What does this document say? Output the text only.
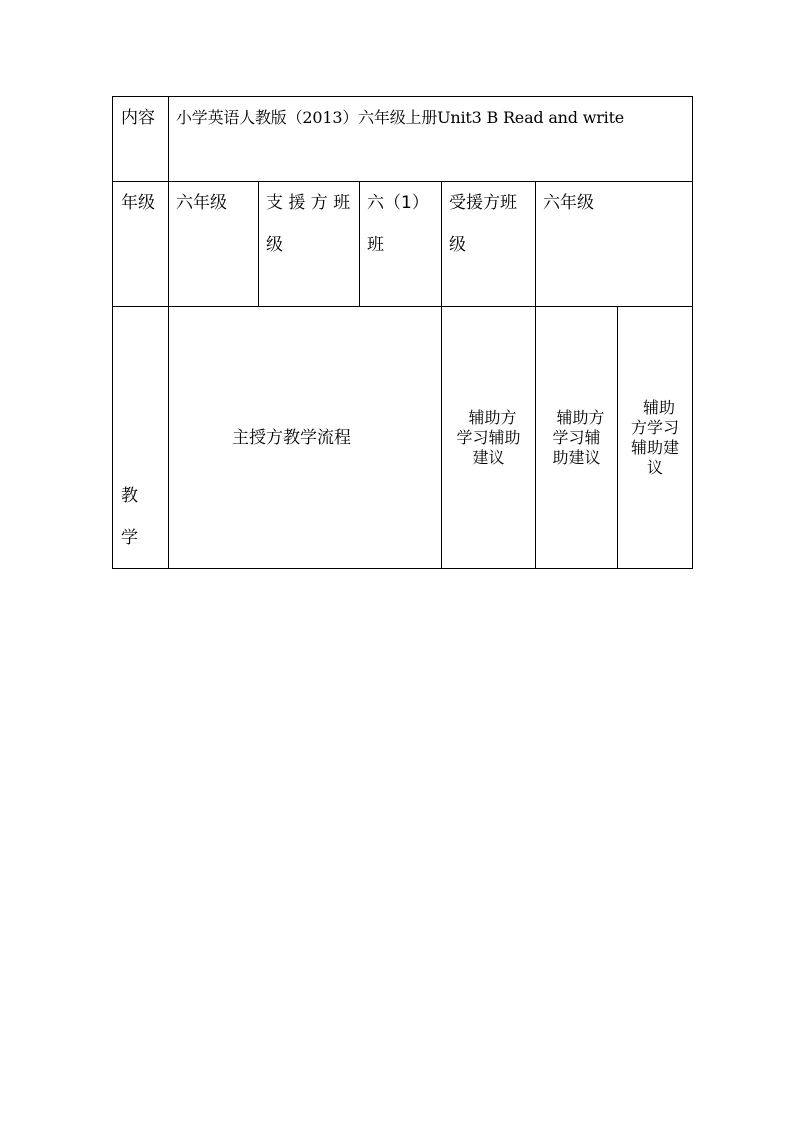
内容 小学英语人教版（2013）六年级上册Unit3 B Read and write
年级 六年级 支 援 方 班
级
六（1）
班
受援方班
级
六年级
教
学
主授方教学流程
辅助方
学习辅助
建议
辅助方
学习辅
助建议
辅助
方学习
辅助建
议
